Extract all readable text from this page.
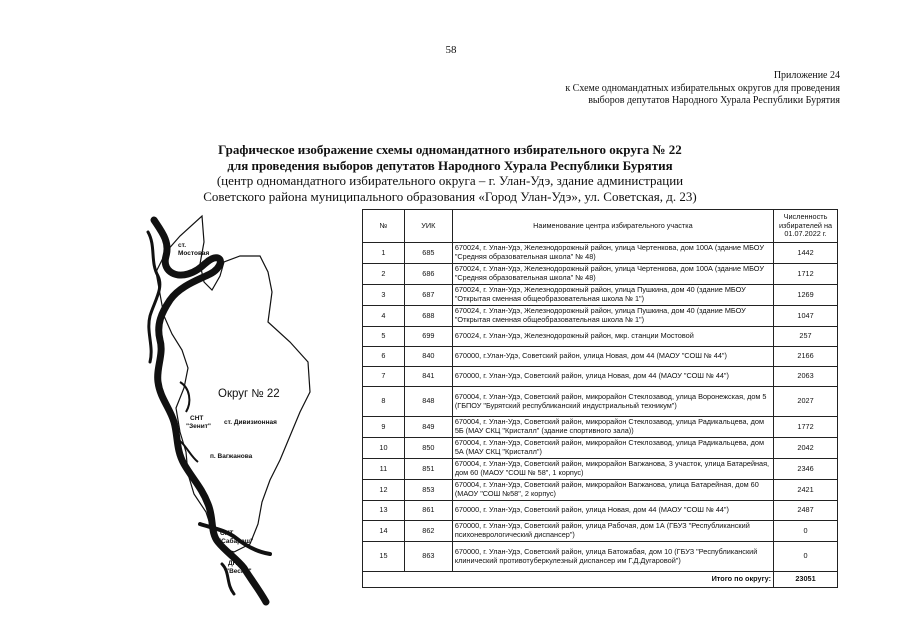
58
Приложение 24
к Схеме одномандатных избирательных округов для проведения
выборов депутатов Народного Хурала Республики Бурятия
Графическое изображение схемы одномандатного избирательного округа № 22
для проведения выборов депутатов Народного Хурала Республики Бурятия
(центр одномандатного избирательного округа – г. Улан-Удэ, здание администрации
Советского района муниципального образования «Город Улан-Удэ», ул. Советская, д. 23)
ст.
Мостовая
Округ № 22
СНТ
"Зенит"
ст. Дивизионная
п. Вагжанова
СНТ
"Сабараш"
ДНТ
"Весна"
№	УИК	Наименование центра избирательного участка	Численность избирателей на 01.07.2022 г.
1	685	670024, г. Улан-Удэ, Железнодорожный район, улица Чертенкова, дом 100А (здание МБОУ "Средняя образовательная школа" № 48)	1442
2	686	670024, г. Улан-Удэ, Железнодорожный район, улица Чертенкова, дом 100А (здание МБОУ "Средняя образовательная школа" № 48)	1712
3	687	670024, г. Улан-Удэ, Железнодорожный район, улица Пушкина, дом 40 (здание МБОУ "Открытая сменная общеобразовательная школа № 1")	1269
4	688	670024, г. Улан-Удэ, Железнодорожный район, улица Пушкина, дом 40 (здание МБОУ "Открытая сменная общеобразовательная школа № 1")	1047
5	699	670024, г. Улан-Удэ, Железнодорожный район, мкр. станции Мостовой	257
6	840	670000, г.Улан-Удэ, Советский район, улица Новая, дом 44 (МАОУ "СОШ № 44")	2166
7	841	670000, г. Улан-Удэ, Советский район, улица Новая, дом 44 (МАОУ "СОШ № 44")	2063
8	848	670004, г. Улан-Удэ, Советский район, микрорайон Стеклозавод, улица Воронежская, дом 5 (ГБПОУ "Бурятский республиканский индустриальный техникум")	2027
9	849	670004, г. Улан-Удэ, Советский район, микрорайон Стеклозавод, улица Радикальцева, дом 5Б (МАУ СКЦ "Кристалл" (здание спортивного зала))	1772
10	850	670004, г. Улан-Удэ, Советский район, микрорайон Стеклозавод, улица Радикальцева, дом 5А (МАУ СКЦ "Кристалл")	2042
11	851	670004, г. Улан-Удэ, Советский район, микрорайон Вагжанова, 3 участок, улица Батарейная, дом 60 (МАОУ "СОШ № 58", 1 корпус)	2346
12	853	670004, г. Улан-Удэ, Советский район, микрорайон Вагжанова, улица Батарейная, дом 60 (МАОУ "СОШ №58", 2 корпус)	2421
13	861	670000, г. Улан-Удэ, Советский район, улица Новая, дом 44 (МАОУ "СОШ № 44")	2487
14	862	670000, г. Улан-Удэ, Советский район, улица Рабочая, дом 1А (ГБУЗ "Республиканский психоневрологический диспансер")	0
15	863	670000, г. Улан-Удэ, Советский район, улица Батожабая, дом 10 (ГБУЗ "Республиканский клинический противотуберкулезный диспансер им Г.Д.Дугаровой")	0
Итого по округу:			23051
